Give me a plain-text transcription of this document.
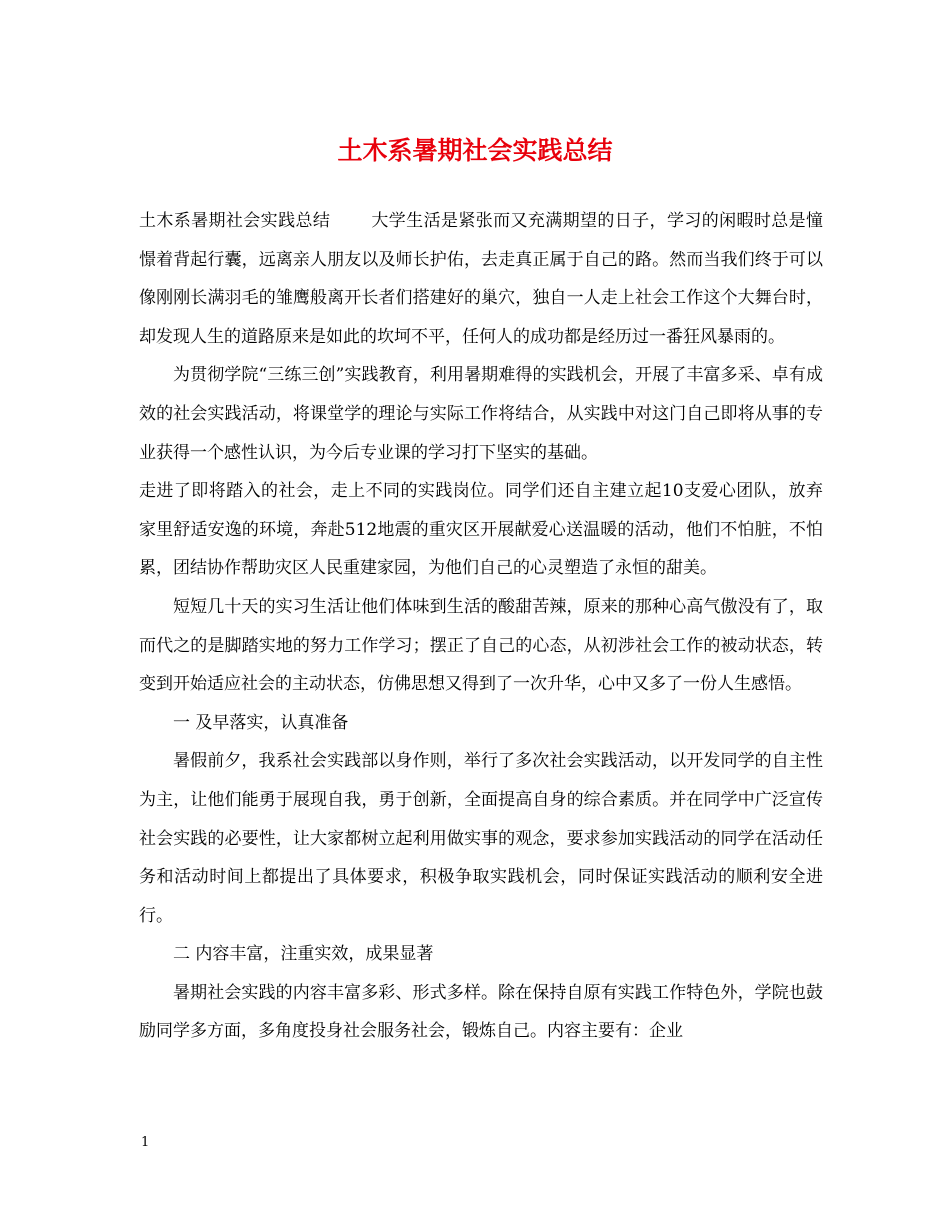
土木系暑期社会实践总结

土木系暑期社会实践总结 大学生活是紧张而又充满期望的日子，学习的闲暇时总是憧憬着背起行囊，远离亲人朋友以及师长护佑，去走真正属于自己的路。然而当我们终于可以像刚刚长满羽毛的雏鹰般离开长者们搭建好的巢穴，独自一人走上社会工作这个大舞台时，却发现人生的道路原来是如此的坎坷不平，任何人的成功都是经历过一番狂风暴雨的。

为贯彻学院“三练三创”实践教育，利用暑期难得的实践机会，开展了丰富多采、卓有成效的社会实践活动，将课堂学的理论与实际工作将结合，从实践中对这门自己即将从事的专业获得一个感性认识，为今后专业课的学习打下坚实的基础。

走进了即将踏入的社会，走上不同的实践岗位。同学们还自主建立起10支爱心团队，放弃家里舒适安逸的环境，奔赴512地震的重灾区开展献爱心送温暖的活动，他们不怕脏，不怕累，团结协作帮助灾区人民重建家园，为他们自己的心灵塑造了永恒的甜美。

短短几十天的实习生活让他们体味到生活的酸甜苦辣，原来的那种心高气傲没有了，取而代之的是脚踏实地的努力工作学习；摆正了自己的心态，从初涉社会工作的被动状态，转变到开始适应社会的主动状态，仿佛思想又得到了一次升华，心中又多了一份人生感悟。

一 及早落实，认真准备

暑假前夕，我系社会实践部以身作则，举行了多次社会实践活动，以开发同学的自主性为主，让他们能勇于展现自我，勇于创新，全面提高自身的综合素质。并在同学中广泛宣传社会实践的必要性，让大家都树立起利用做实事的观念，要求参加实践活动的同学在活动任务和活动时间上都提出了具体要求，积极争取实践机会，同时保证实践活动的顺利安全进行。

二 内容丰富，注重实效，成果显著

暑期社会实践的内容丰富多彩、形式多样。除在保持自原有实践工作特色外，学院也鼓励同学多方面，多角度投身社会服务社会，锻炼自己。内容主要有：企业

1
